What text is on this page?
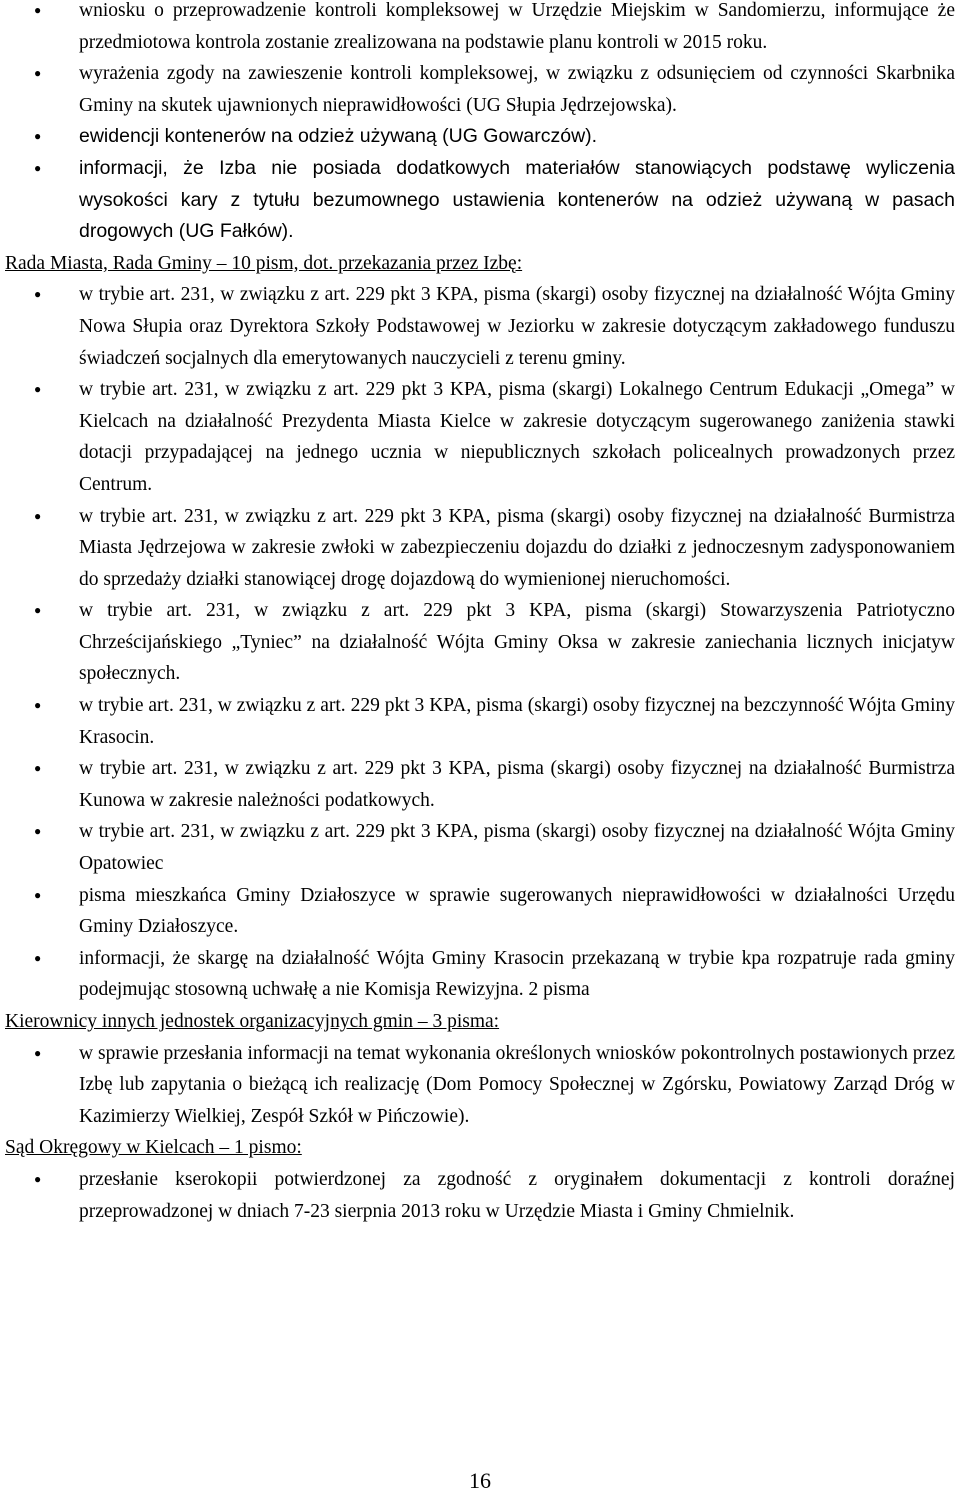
● wniosku o przeprowadzenie kontroli kompleksowej w Urzędzie Miejskim w Sandomierzu, informujące że przedmiotowa kontrola zostanie zrealizowana na podstawie planu kontroli w 2015 roku.
● wyrażenia zgody na zawieszenie kontroli kompleksowej, w związku z odsunięciem od czynności Skarbnika Gminy na skutek ujawnionych nieprawidłowości (UG Słupia Jędrzejowska).
● ewidencji kontenerów na odzież używaną (UG Gowarczów).
● informacji, że Izba nie posiada dodatkowych materiałów stanowiących podstawę wyliczenia wysokości kary z tytułu bezumownego ustawienia kontenerów na odzież używaną w pasach drogowych (UG Fałków).
Rada Miasta, Rada Gminy – 10 pism, dot. przekazania przez Izbę:
● w trybie art. 231, w związku z art. 229 pkt 3 KPA, pisma (skargi) osoby fizycznej na działalność Wójta Gminy Nowa Słupia oraz Dyrektora Szkoły Podstawowej w Jeziorku w zakresie dotyczącym zakładowego funduszu świadczeń socjalnych dla emerytowanych nauczycieli z terenu gminy.
● w trybie art. 231, w związku z art. 229 pkt 3 KPA, pisma (skargi) Lokalnego Centrum Edukacji „Omega” w Kielcach na działalność Prezydenta Miasta Kielce w zakresie dotyczącym sugerowanego zaniżenia stawki dotacji przypadającej na jednego ucznia w niepublicznych szkołach policealnych prowadzonych przez Centrum.
● w trybie art. 231, w związku z art. 229 pkt 3 KPA, pisma (skargi) osoby fizycznej na działalność Burmistrza Miasta Jędrzejowa w zakresie zwłoki w zabezpieczeniu dojazdu do działki z jednoczesnym zadysponowaniem do sprzedaży działki stanowiącej drogę dojazdową do wymienionej nieruchomości.
● w trybie art. 231, w związku z art. 229 pkt 3 KPA, pisma (skargi) Stowarzyszenia Patriotyczno Chrześcijańskiego „Tyniec” na działalność Wójta Gminy Oksa w zakresie zaniechania licznych inicjatyw społecznych.
● w trybie art. 231, w związku z art. 229 pkt 3 KPA, pisma (skargi) osoby fizycznej na bezczynność Wójta Gminy Krasocin.
● w trybie art. 231, w związku z art. 229 pkt 3 KPA, pisma (skargi) osoby fizycznej na działalność Burmistrza Kunowa w zakresie należności podatkowych.
● w trybie art. 231, w związku z art. 229 pkt 3 KPA, pisma (skargi) osoby fizycznej na działalność Wójta Gminy Opatowiec
● pisma mieszkańca Gminy Działoszyce w sprawie sugerowanych nieprawidłowości w działalności Urzędu Gminy Działoszyce.
● informacji, że skargę na działalność Wójta Gminy Krasocin przekazaną w trybie kpa rozpatruje rada gminy podejmując stosowną uchwałę a nie Komisja Rewizyjna. 2 pisma
Kierownicy innych jednostek organizacyjnych gmin – 3 pisma:
● w sprawie przesłania informacji na temat wykonania określonych wniosków pokontrolnych postawionych przez Izbę lub zapytania o bieżącą ich realizację (Dom Pomocy Społecznej w Zgórsku, Powiatowy Zarząd Dróg w Kazimierzy Wielkiej, Zespół Szkół w Pińczowie).
Sąd Okręgowy w Kielcach – 1 pismo:
● przesłanie kserokopii potwierdzonej za zgodność z oryginałem dokumentacji z kontroli doraźnej przeprowadzonej w dniach 7-23 sierpnia 2013 roku w Urzędzie Miasta i Gminy Chmielnik.
16
